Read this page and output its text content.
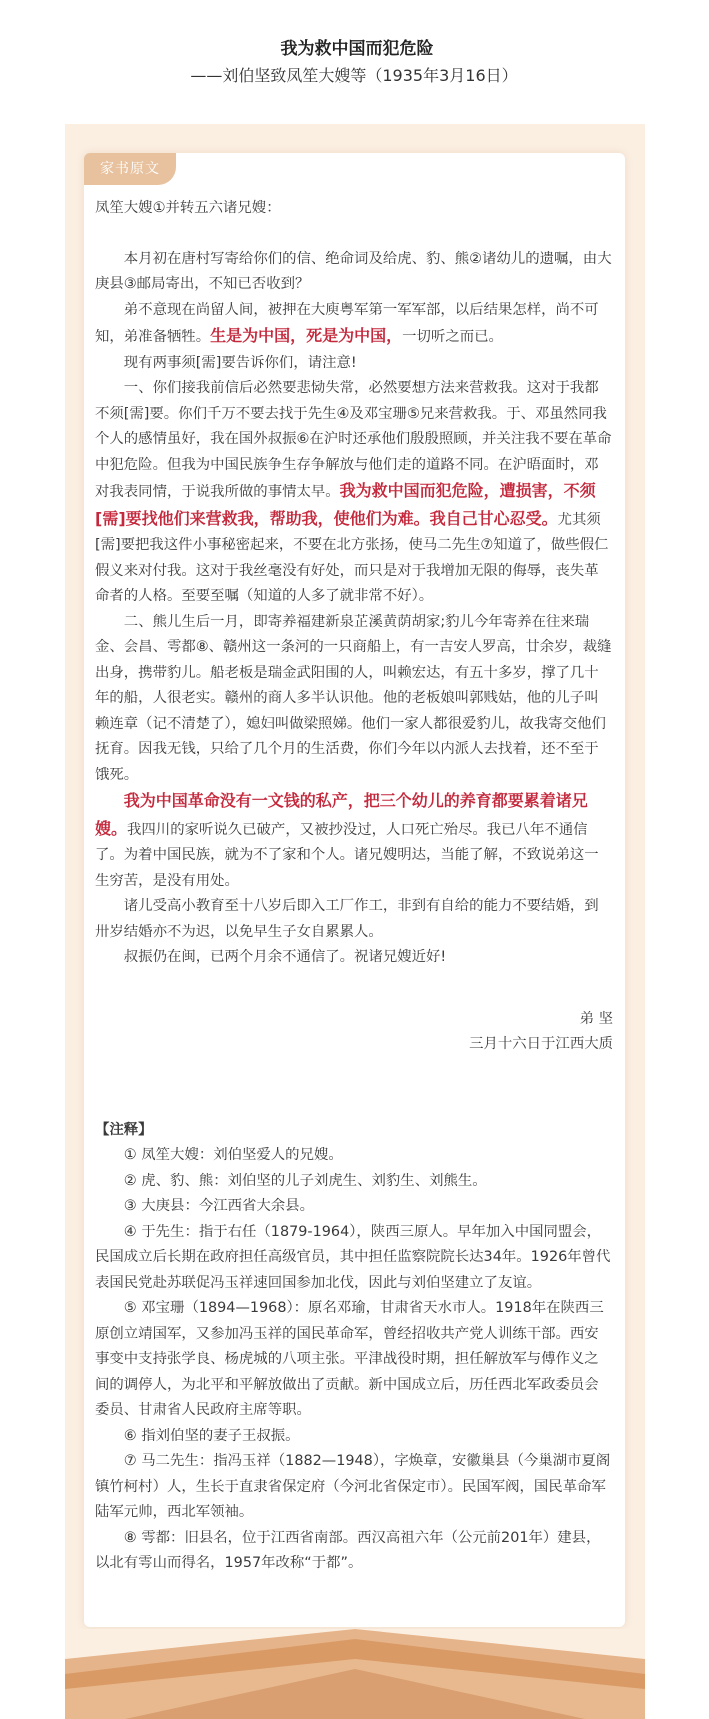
我为救中国而犯危险
——刘伯坚致凤笙大嫂等（1935年3月16日）
家书原文

凤笙大嫂①并转五六诸兄嫂：

本月初在唐村写寄给你们的信、绝命词及给虎、豹、熊②诸幼儿的遗嘱，由大庚县③邮局寄出，不知已否收到？

弟不意现在尚留人间，被押在大庾粤军第一军军部，以后结果怎样，尚不可知，弟准备牺牲。生是为中国，死是为中国，一切听之而已。

现有两事须[需]要告诉你们，请注意!

一、你们接我前信后必然要悲恸失常，必然要想方法来营救我。这对于我都不须[需]要。你们千万不要去找于先生④及邓宝珊⑤兄来营救我。于、邓虽然同我个人的感情虽好，我在国外叔振⑥在沪时还承他们殷殷照顾，并关注我不要在革命中犯危险。但我为中国民族争生存争解放与他们走的道路不同。在沪晤面时，邓对我表同情，于说我所做的事情太早。我为救中国而犯危险，遭损害，不须[需]要找他们来营救我，帮助我，使他们为难。我自己甘心忍受。尤其须[需]要把我这件小事秘密起来，不要在北方张扬，使马二先生⑦知道了，做些假仁假义来对付我。这对于我丝毫没有好处，而只是对于我增加无限的侮辱，丧失革命者的人格。至要至嘱（知道的人多了就非常不好）。

二、熊儿生后一月，即寄养福建新泉芷溪黄荫胡家;豹儿今年寄养在往来瑞金、会昌、雩都⑧、赣州这一条河的一只商船上，有一吉安人罗高，廿余岁，裁缝出身，携带豹儿。船老板是瑞金武阳围的人，叫赖宏达，有五十多岁，撑了几十年的船，人很老实。赣州的商人多半认识他。他的老板娘叫郭贱姑，他的儿子叫赖连章（记不清楚了），媳妇叫做梁照娣。他们一家人都很爱豹儿，故我寄交他们抚育。因我无钱，只给了几个月的生活费，你们今年以内派人去找着，还不至于饿死。

我为中国革命没有一文钱的私产，把三个幼儿的养育都要累着诸兄嫂。我四川的家听说久已破产，又被抄没过，人口死亡殆尽。我已八年不通信了。为着中国民族，就为不了家和个人。诸兄嫂明达，当能了解，不致说弟这一生穷苦，是没有用处。

诸儿受高小教育至十八岁后即入工厂作工，非到有自给的能力不要结婚，到卅岁结婚亦不为迟，以免早生子女自累累人。

叔振仍在闽，已两个月余不通信了。祝诸兄嫂近好!

弟 坚

三月十六日于江西大质

【注释】

① 凤笙大嫂：刘伯坚爱人的兄嫂。

② 虎、豹、熊：刘伯坚的儿子刘虎生、刘豹生、刘熊生。

③ 大庚县：今江西省大余县。

④ 于先生：指于右任（1879-1964），陕西三原人。早年加入中国同盟会，民国成立后长期在政府担任高级官员，其中担任监察院院长达34年。1926年曾代表国民党赴苏联促冯玉祥速回国参加北伐，因此与刘伯坚建立了友谊。

⑤ 邓宝珊（1894—1968）：原名邓瑜，甘肃省天水市人。1918年在陕西三原创立靖国军，又参加冯玉祥的国民革命军，曾经招收共产党人训练干部。西安事变中支持张学良、杨虎城的八项主张。平津战役时期，担任解放军与傅作义之间的调停人，为北平和平解放做出了贡献。新中国成立后，历任西北军政委员会委员、甘肃省人民政府主席等职。

⑥ 指刘伯坚的妻子王叔振。

⑦ 马二先生：指冯玉祥（1882—1948），字焕章，安徽巢县（今巢湖市夏阁镇竹柯村）人，生长于直隶省保定府（今河北省保定市）。民国军阀，国民革命军陆军元帅，西北军领袖。

⑧ 雩都：旧县名，位于江西省南部。西汉高祖六年（公元前201年）建县，以北有雩山而得名，1957年改称“于都”。
